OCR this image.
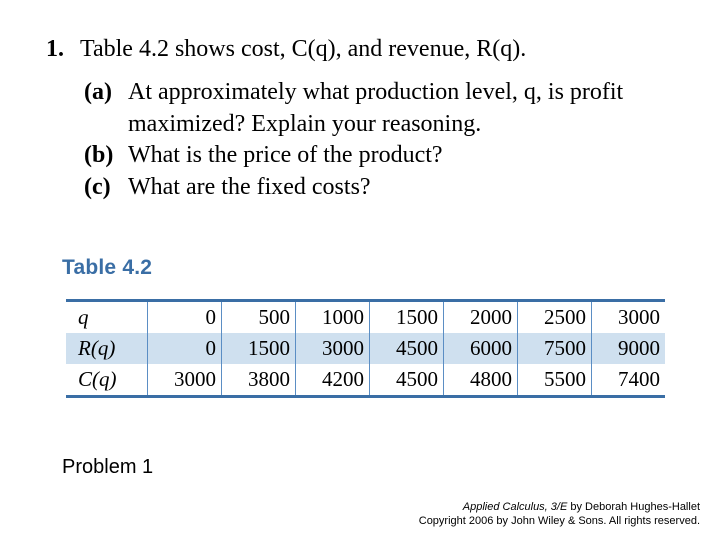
1. Table 4.2 shows cost, C(q), and revenue, R(q).
(a) At approximately what production level, q, is profit maximized? Explain your reasoning.
(b) What is the price of the product?
(c) What are the fixed costs?
Table 4.2
q	0	500	1000	1500	2000	2500	3000
R(q)	0	1500	3000	4500	6000	7500	9000
C(q)	3000	3800	4200	4500	4800	5500	7400
Problem 1
Applied Calculus, 3/E by Deborah Hughes-Hallet
Copyright 2006 by John Wiley & Sons. All rights reserved.
